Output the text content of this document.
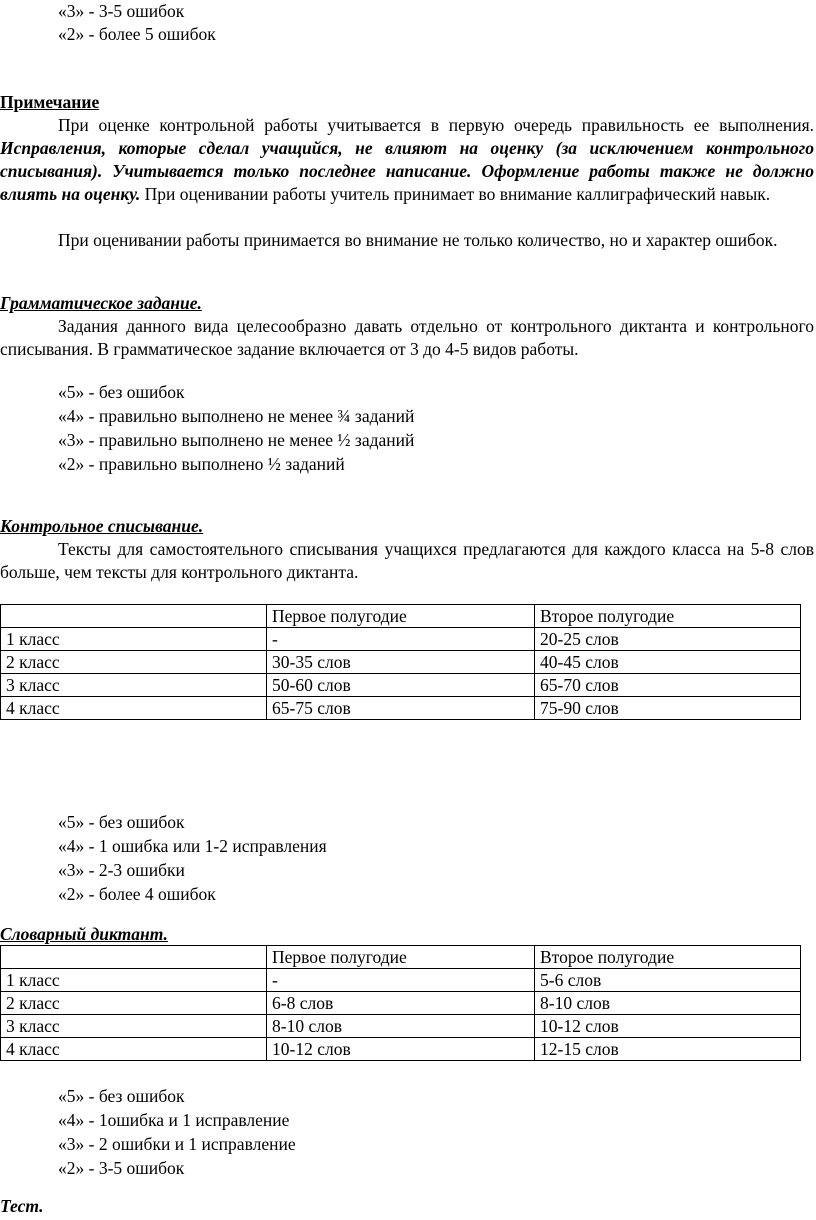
«3» - 3-5 ошибок
«2» - более 5 ошибок
Примечание

При оценке контрольной работы учитывается в первую очередь правильность ее выполнения. Исправления, которые сделал учащийся, не влияют на оценку (за исключением контрольного списывания). Учитывается только последнее написание. Оформление работы также не должно влиять на оценку. При оценивании работы учитель принимает во внимание каллиграфический навык.

При оценивании работы принимается во внимание не только количество, но и характер ошибок.

Грамматическое задание.

Задания данного вида целесообразно давать отдельно от контрольного диктанта и контрольного списывания. В грамматическое задание включается от 3 до 4-5 видов работы.

«5» - без ошибок
«4» - правильно выполнено не менее ¾ заданий
«3» - правильно выполнено не менее ½ заданий
«2» - правильно выполнено ½ заданий
Контрольное списывание.

Тексты для самостоятельного списывания учащихся предлагаются для каждого класса на 5-8 слов больше, чем тексты для контрольного диктанта.

	Первое полугодие	Второе полугодие
1 класс	-	20-25 слов
2 класс	30-35 слов	40-45 слов
3 класс	50-60 слов	65-70 слов
4 класс	65-75 слов	75-90 слов
«5» - без ошибок
«4» - 1 ошибка или 1-2 исправления
«3» - 2-3 ошибки
«2» - более 4 ошибок
Словарный диктант.
	Первое полугодие	Второе полугодие
1 класс	-	5-6 слов
2 класс	6-8 слов	8-10 слов
3 класс	8-10 слов	10-12 слов
4 класс	10-12 слов	12-15 слов
«5» - без ошибок
«4» - 1ошибка и 1 исправление
«3» - 2 ошибки и 1 исправление
«2» - 3-5 ошибок
Тест.
